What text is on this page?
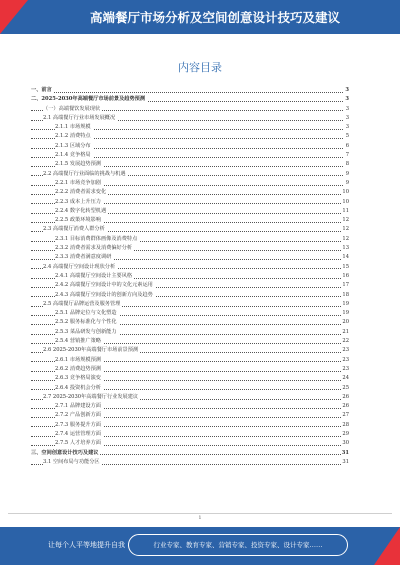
高端餐厅市场分析及空间创意设计技巧及建议
内容目录
一、前言	3
二、2025-2030年高端餐厅市场前景及趋势预测	3
（一）高端餐饮发展现状	3
2.1 高端餐厅行业市场发展概况	3
2.1.1 市场规模	3
2.1.2 消费特点	5
2.1.3 区域分布	6
2.1.4 竞争格局	7
2.1.5 发展趋势预测	8
2.2 高端餐厅行业面临的挑战与机遇	9
2.2.1 市场竞争加剧	9
2.2.2 消费者需求变化	10
2.2.3 成本上升压力	10
2.2.4 数字化转型机遇	11
2.2.5 政策环境影响	12
2.3 高端餐厅消费人群分析	12
2.3.1 目标消费群体画像及消费特点	12
2.3.2 消费者需求及消费偏好分析	13
2.3.3 消费者满意度调研	14
2.4 高端餐厅空间设计现状分析	15
2.4.1 高端餐厅空间设计主要风格	16
2.4.2 高端餐厅空间设计中的文化元素运用	17
2.4.3 高端餐厅空间设计的创新方向及趋势	18
2.5 高端餐厅品牌运营及服务管理	19
2.5.1 品牌定位与文化塑造	19
2.5.2 服务标准化与个性化	20
2.5.3 菜品研发与创新能力	21
2.5.4 营销推广策略	22
2.6 2025-2030年高端餐厅市场前景预测	23
2.6.1 市场规模预测	23
2.6.2 消费趋势预测	23
2.6.3 竞争格局演变	24
2.6.4 投资机会分析	25
2.7 2025-2030年高端餐厅行业发展建议	26
2.7.1 品牌建设方面	26
2.7.2 产品创新方面	27
2.7.3 服务提升方面	28
2.7.4 运营管理方面	29
2.7.5 人才培养方面	30
三、空间创意设计技巧及建议	31
3.1 空间布局与功能分区	31
1
让每个人平等地提升自我	行业专家、教育专家、营销专家、投资专家、设计专家……
